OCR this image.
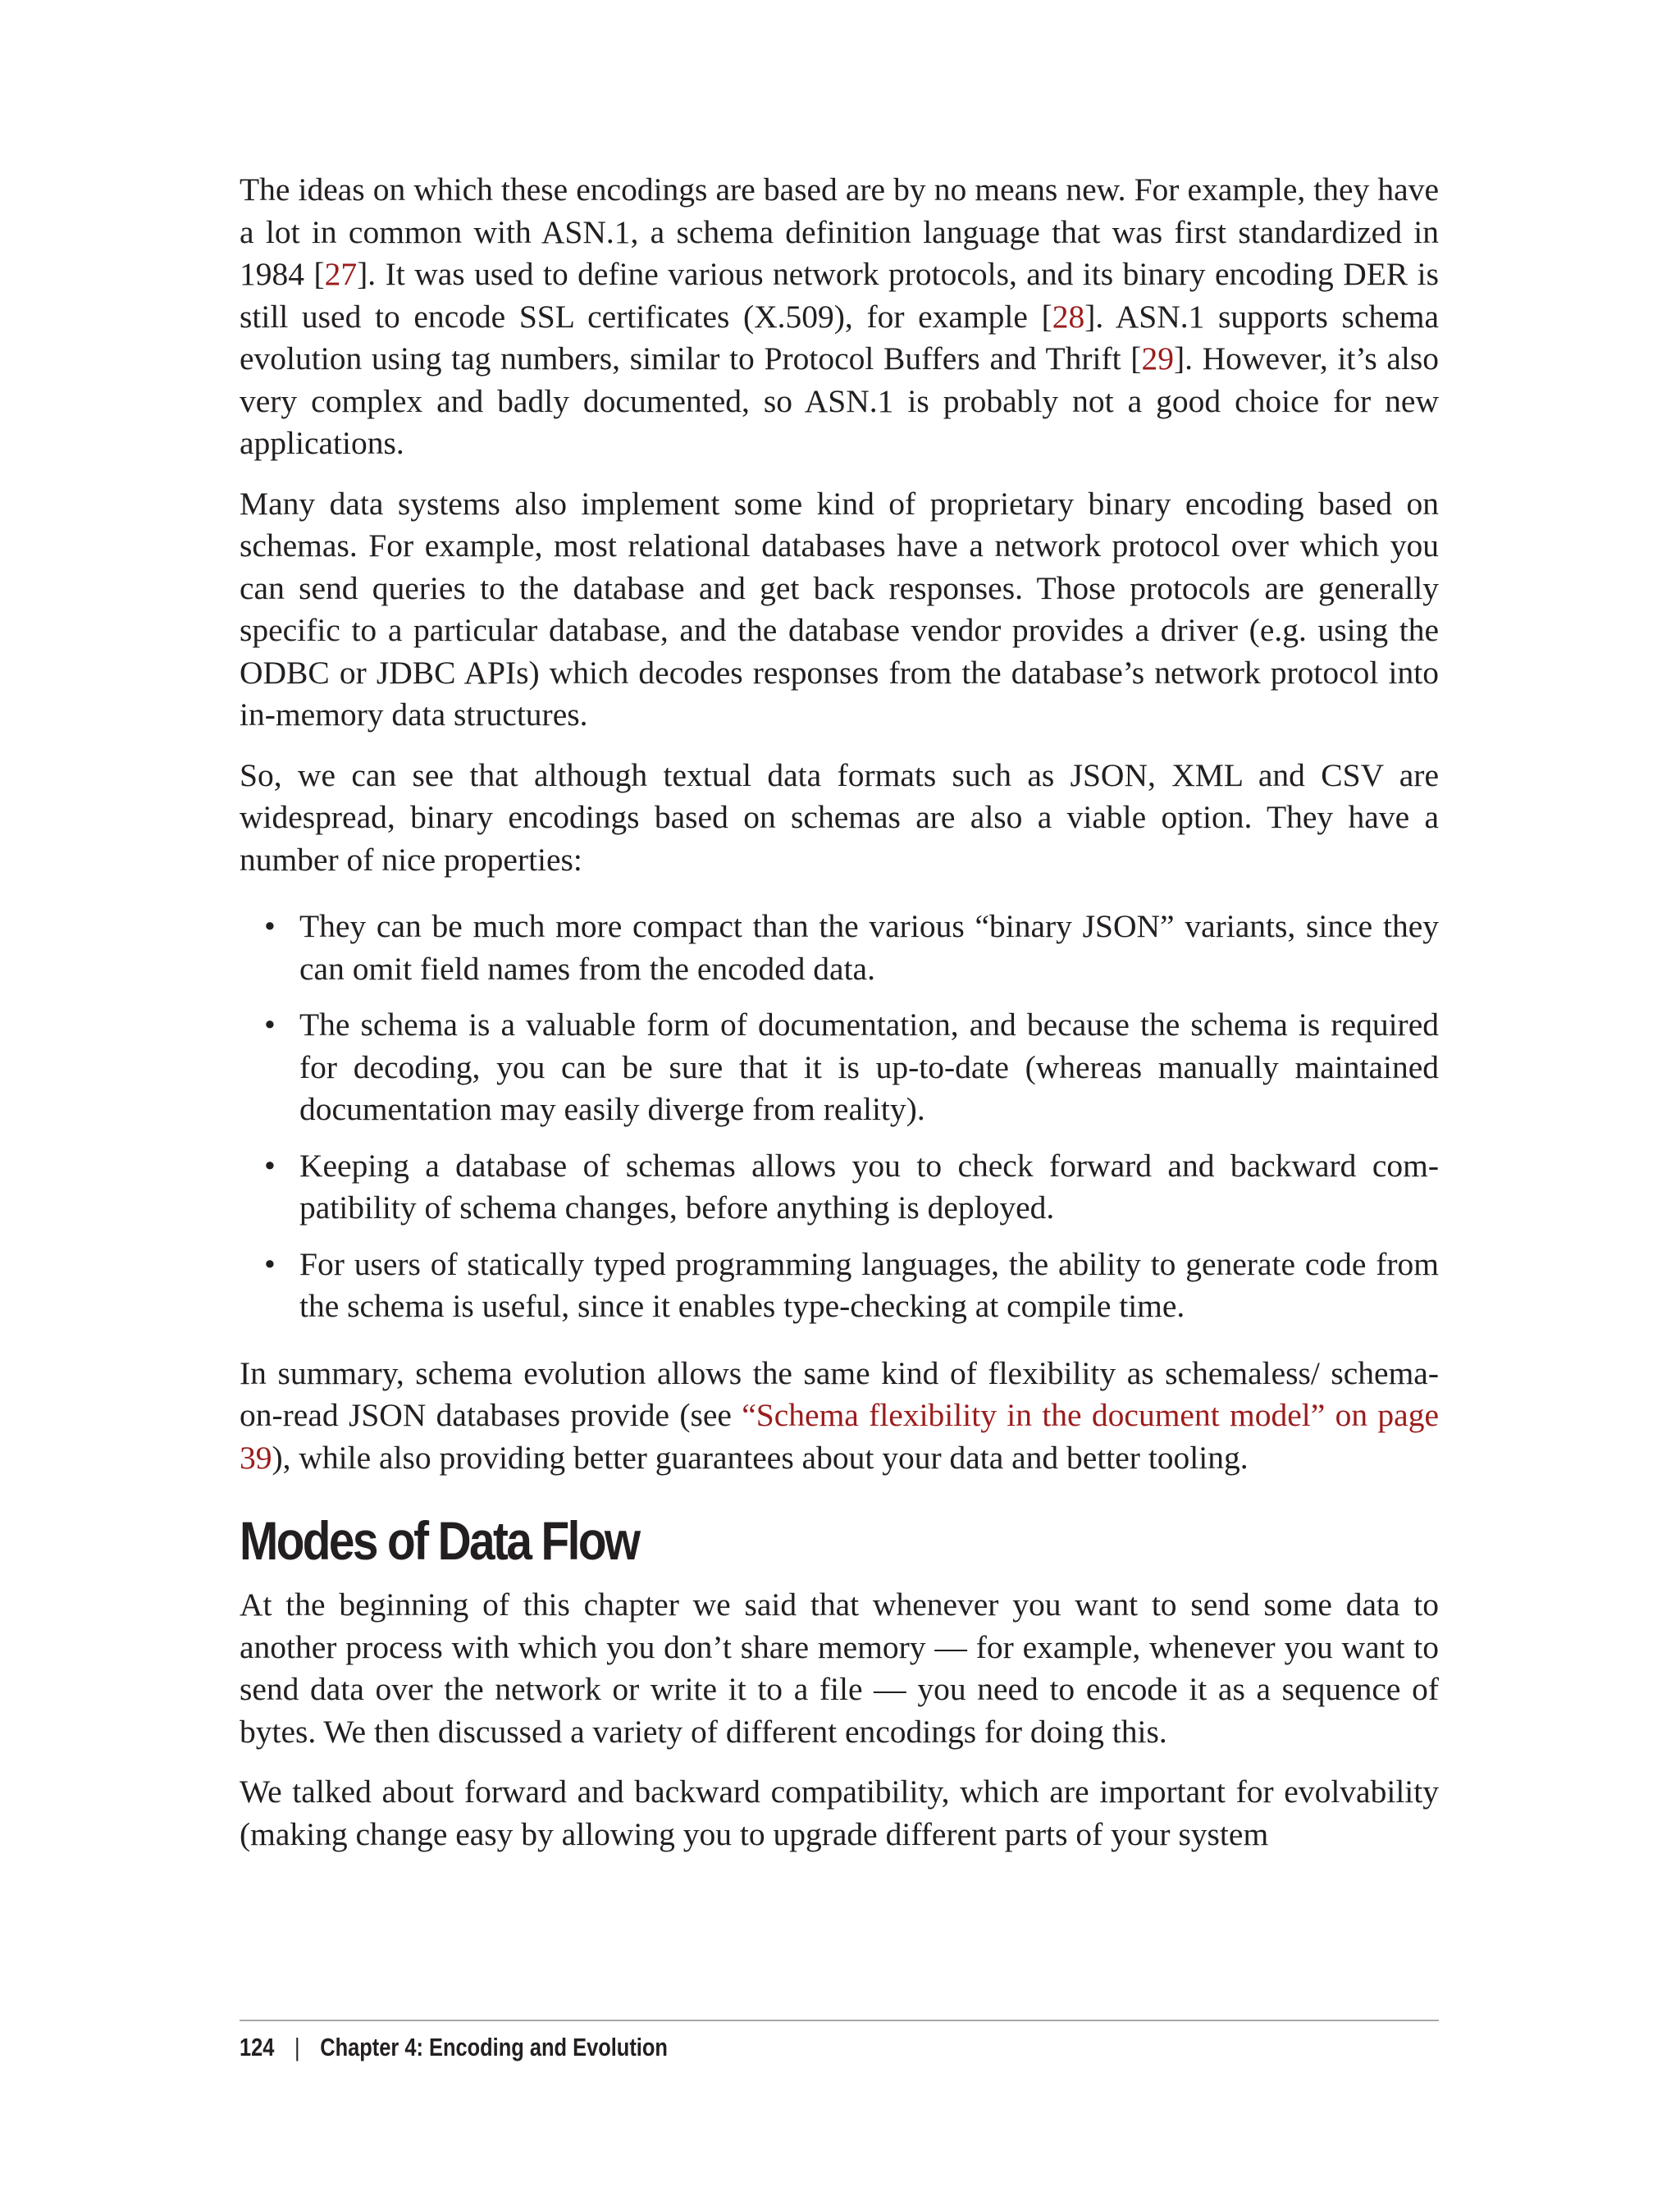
The ideas on which these encodings are based are by no means new. For example, they have a lot in common with ASN.1, a schema definition language that was first standardized in 1984 [27]. It was used to define various network protocols, and its binary encoding DER is still used to encode SSL certificates (X.509), for example [28]. ASN.1 supports schema evolution using tag numbers, similar to Protocol Buffers and Thrift [29]. However, it’s also very complex and badly documented, so ASN.1 is probably not a good choice for new applications.

Many data systems also implement some kind of proprietary binary encoding based on schemas. For example, most relational databases have a network protocol over which you can send queries to the database and get back responses. Those protocols are generally specific to a particular database, and the database vendor provides a driver (e.g. using the ODBC or JDBC APIs) which decodes responses from the database’s network protocol into in-memory data structures.

So, we can see that although textual data formats such as JSON, XML and CSV are widespread, binary encodings based on schemas are also a viable option. They have a number of nice properties:

• They can be much more compact than the various “binary JSON” variants, since they can omit field names from the encoded data.
• The schema is a valuable form of documentation, and because the schema is required for decoding, you can be sure that it is up-to-date (whereas manually maintained documentation may easily diverge from reality).
• Keeping a database of schemas allows you to check forward and backward compatibility of schema changes, before anything is deployed.
• For users of statically typed programming languages, the ability to generate code from the schema is useful, since it enables type-checking at compile time.

In summary, schema evolution allows the same kind of flexibility as schemaless/ schema-on-read JSON databases provide (see “Schema flexibility in the document model” on page 39), while also providing better guarantees about your data and better tooling.

Modes of Data Flow

At the beginning of this chapter we said that whenever you want to send some data to another process with which you don’t share memory — for example, whenever you want to send data over the network or write it to a file — you need to encode it as a sequence of bytes. We then discussed a variety of different encodings for doing this.

We talked about forward and backward compatibility, which are important for evolvability (making change easy by allowing you to upgrade different parts of your system

124 | Chapter 4: Encoding and Evolution
